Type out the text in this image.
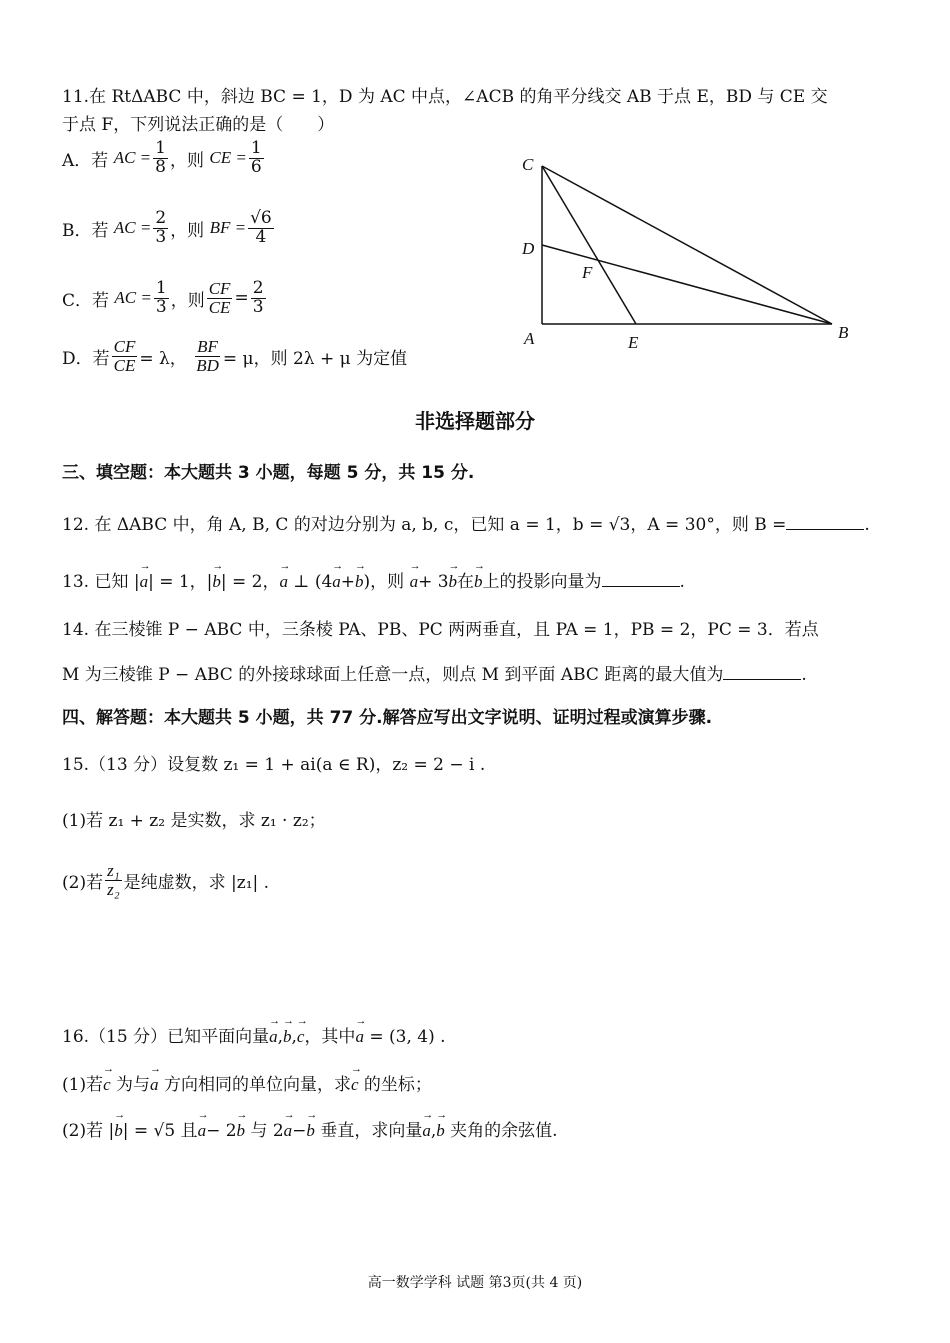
11.在 RtΔABC 中，斜边 BC = 1，D 为 AC 中点，∠ACB 的角平分线交 AB 于点 E，BD 与 CE 交
于点 F，下列说法正确的是（　　）
A．若
AC = $\frac{1}{8}$ ，则
CE = $\frac{1}{6}$
B．若
AC = $\frac{2}{3}$ ，则
BF = $\frac{√6}{4}$
C．若
AC = $\frac{1}{3}$ ，则 $\frac{CF}{CE} = \frac{2}{3}$
D．若 $\frac{CF}{CE} = \lambda$，
$\frac{BF}{BD} = \mu$，则 2λ + μ 为定值
C
D
F
A	E
B
非选择题部分
三、填空题：本大题共 3 小题，每题 5 分，共 15 分.
12. 在 ΔABC 中，角 A, B, C 的对边分别为 a, b, c，已知 a = 1，b = √3，A = 30°，则 B =	.
13. 已知 |→ a| = 1，|→ b| = 2，→ a ⊥ (4→ a+→ b)，则 → a+ 3→ b在→ b上的投影向量为	.
14. 在三棱锥 P − ABC 中，三条棱 PA、PB、PC 两两垂直，且 PA = 1，PB = 2，PC = 3．若点
M 为三棱锥 P − ABC 的外接球球面上任意一点，则点 M 到平面 ABC 距离的最大值为	.
四、解答题：本大题共 5 小题，共 77 分.解答应写出文字说明、证明过程或演算步骤.
15.（13 分）设复数 z₁ = 1 + ai(a ∈ R)，z₂ = 2 − i .
(1)若 z₁ + z₂ 是实数，求 z₁ · z₂；
(2)若 $\frac{\text{z₁}}{\text{z₂}}$ 是纯虚数，求 |z₁| .
16.（15 分）已知平面向量→ a,→ b,→ c，其中→ a = (3, 4) .
(1)若→ c 为与→ a 方向相同的单位向量，求→ c 的坐标；
(2)若 |→ b| = √5 且→ a− 2→ b 与 2→ a−→ b 垂直，求向量→ a,→ b 夹角的余弦值.
高一数学学科 试题 第3页(共 4 页)
